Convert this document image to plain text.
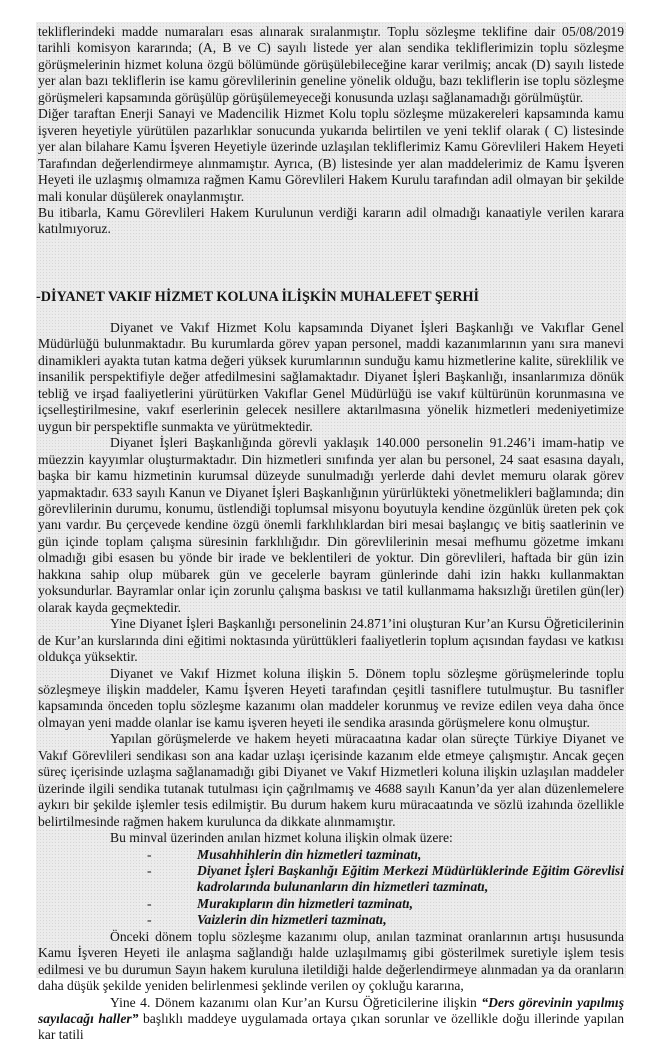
tekliflerindeki madde numaraları esas alınarak sıralanmıştır. Toplu sözleşme teklifine dair 05/08/2019 tarihli komisyon kararında; (A, B ve C) sayılı listede yer alan sendika tekliflerimizin toplu sözleşme görüşmelerinin hizmet koluna özgü bölümünde görüşülebileceğine karar verilmiş; ancak (D) sayılı listede yer alan bazı tekliflerin ise kamu görevlilerinin geneline yönelik olduğu, bazı tekliflerin ise toplu sözleşme görüşmeleri kapsamında görüşülüp görüşülemeyeceği konusunda uzlaşı sağlanamadığı görülmüştür.

Diğer taraftan Enerji Sanayi ve Madencilik Hizmet Kolu toplu sözleşme müzakereleri kapsamında kamu işveren heyetiyle yürütülen pazarlıklar sonucunda yukarıda belirtilen ve yeni teklif olarak ( C) listesinde yer alan bilahare Kamu İşveren Heyetiyle üzerinde uzlaşılan tekliflerimiz Kamu Görevlileri Hakem Heyeti Tarafından değerlendirmeye alınmamıştır. Ayrıca, (B) listesinde yer alan maddelerimiz de Kamu İşveren Heyeti ile uzlaşmış olmamıza rağmen Kamu Görevlileri Hakem Kurulu tarafından adil olmayan bir şekilde mali konular düşülerek onaylanmıştır.

Bu itibarla, Kamu Görevlileri Hakem Kurulunun verdiği kararın adil olmadığı kanaatiyle verilen karara katılmıyoruz.

-DİYANET VAKIF HİZMET KOLUNA İLİŞKİN MUHALEFET ŞERHİ

Diyanet ve Vakıf Hizmet Kolu kapsamında Diyanet İşleri Başkanlığı ve Vakıflar Genel Müdürlüğü bulunmaktadır. Bu kurumlarda görev yapan personel, maddi kazanımlarının yanı sıra manevi dinamikleri ayakta tutan katma değeri yüksek kurumlarının sunduğu kamu hizmetlerine kalite, süreklilik ve insanilik perspektifiyle değer atfedilmesini sağlamaktadır. Diyanet İşleri Başkanlığı, insanlarımıza dönük tebliğ ve irşad faaliyetlerini yürütürken Vakıflar Genel Müdürlüğü ise vakıf kültürünün korunmasına ve içselleştirilmesine, vakıf eserlerinin gelecek nesillere aktarılmasına yönelik hizmetleri medeniyetimize uygun bir perspektifle sunmakta ve yürütmektedir.

Diyanet İşleri Başkanlığında görevli yaklaşık 140.000 personelin 91.246’i imam-hatip ve müezzin kayyımlar oluşturmaktadır. Din hizmetleri sınıfında yer alan bu personel, 24 saat esasına dayalı, başka bir kamu hizmetinin kurumsal düzeyde sunulmadığı yerlerde dahi devlet memuru olarak görev yapmaktadır. 633 sayılı Kanun ve Diyanet İşleri Başkanlığının yürürlükteki yönetmelikleri bağlamında; din görevlilerinin durumu, konumu, üstlendiği toplumsal misyonu boyutuyla kendine özgünlük üreten pek çok yanı vardır. Bu çerçevede kendine özgü önemli farklılıklardan biri mesai başlangıç ve bitiş saatlerinin ve gün içinde toplam çalışma süresinin farklılığıdır. Din görevlilerinin mesai mefhumu gözetme imkanı olmadığı gibi esasen bu yönde bir irade ve beklentileri de yoktur. Din görevlileri, haftada bir gün izin hakkına sahip olup mübarek gün ve gecelerle bayram günlerinde dahi izin hakkı kullanmaktan yoksundurlar. Bayramlar onlar için zorunlu çalışma baskısı ve tatil kullanmama haksızlığı üretilen gün(ler) olarak kayda geçmektedir.

Yine Diyanet İşleri Başkanlığı personelinin 24.871’ini oluşturan Kur’an Kursu Öğreticilerinin de Kur’an kurslarında dini eğitimi noktasında yürüttükleri faaliyetlerin toplum açısından faydası ve katkısı oldukça yüksektir.

Diyanet ve Vakıf Hizmet koluna ilişkin 5. Dönem toplu sözleşme görüşmelerinde toplu sözleşmeye ilişkin maddeler, Kamu İşveren Heyeti tarafından çeşitli tasniflere tutulmuştur. Bu tasnifler kapsamında önceden toplu sözleşme kazanımı olan maddeler korunmuş ve revize edilen veya daha önce olmayan yeni madde olanlar ise kamu işveren heyeti ile sendika arasında görüşmelere konu olmuştur.

Yapılan görüşmelerde ve hakem heyeti müracaatına kadar olan süreçte Türkiye Diyanet ve Vakıf Görevlileri sendikası son ana kadar uzlaşı içerisinde kazanım elde etmeye çalışmıştır. Ancak geçen süreç içerisinde uzlaşma sağlanamadığı gibi Diyanet ve Vakıf Hizmetleri koluna ilişkin uzlaşılan maddeler üzerinde ilgili sendika tutanak tutulması için çağrılmamış ve 4688 sayılı Kanun’da yer alan düzenlemelere aykırı bir şekilde işlemler tesis edilmiştir. Bu durum hakem kuru müracaatında ve sözlü izahında özellikle belirtilmesinde rağmen hakem kurulunca da dikkate alınmamıştır.

Bu minval üzerinden anılan hizmet koluna ilişkin olmak üzere:

-	Musahhihlerin din hizmetleri tazminatı,
-	Diyanet İşleri Başkanlığı Eğitim Merkezi Müdürlüklerinde Eğitim Görevlisi kadrolarında bulunanların din hizmetleri tazminatı,
-	Murakıpların din hizmetleri tazminatı,
-	Vaizlerin din hizmetleri tazminatı,

Önceki dönem toplu sözleşme kazanımı olup, anılan tazminat oranlarının artışı hususunda Kamu İşveren Heyeti ile anlaşma sağlandığı halde uzlaşılmamış gibi gösterilmek suretiyle işlem tesis edilmesi ve bu durumun Sayın hakem kuruluna iletildiği halde değerlendirmeye alınmadan ya da oranların daha düşük şekilde yeniden belirlenmesi şeklinde verilen oy çokluğu kararına,

Yine 4. Dönem kazanımı olan Kur’an Kursu Öğreticilerine ilişkin “Ders görevinin yapılmış sayılacağı haller” başlıklı maddeye uygulamada ortaya çıkan sorunlar ve özellikle doğu illerinde yapılan kar tatili
